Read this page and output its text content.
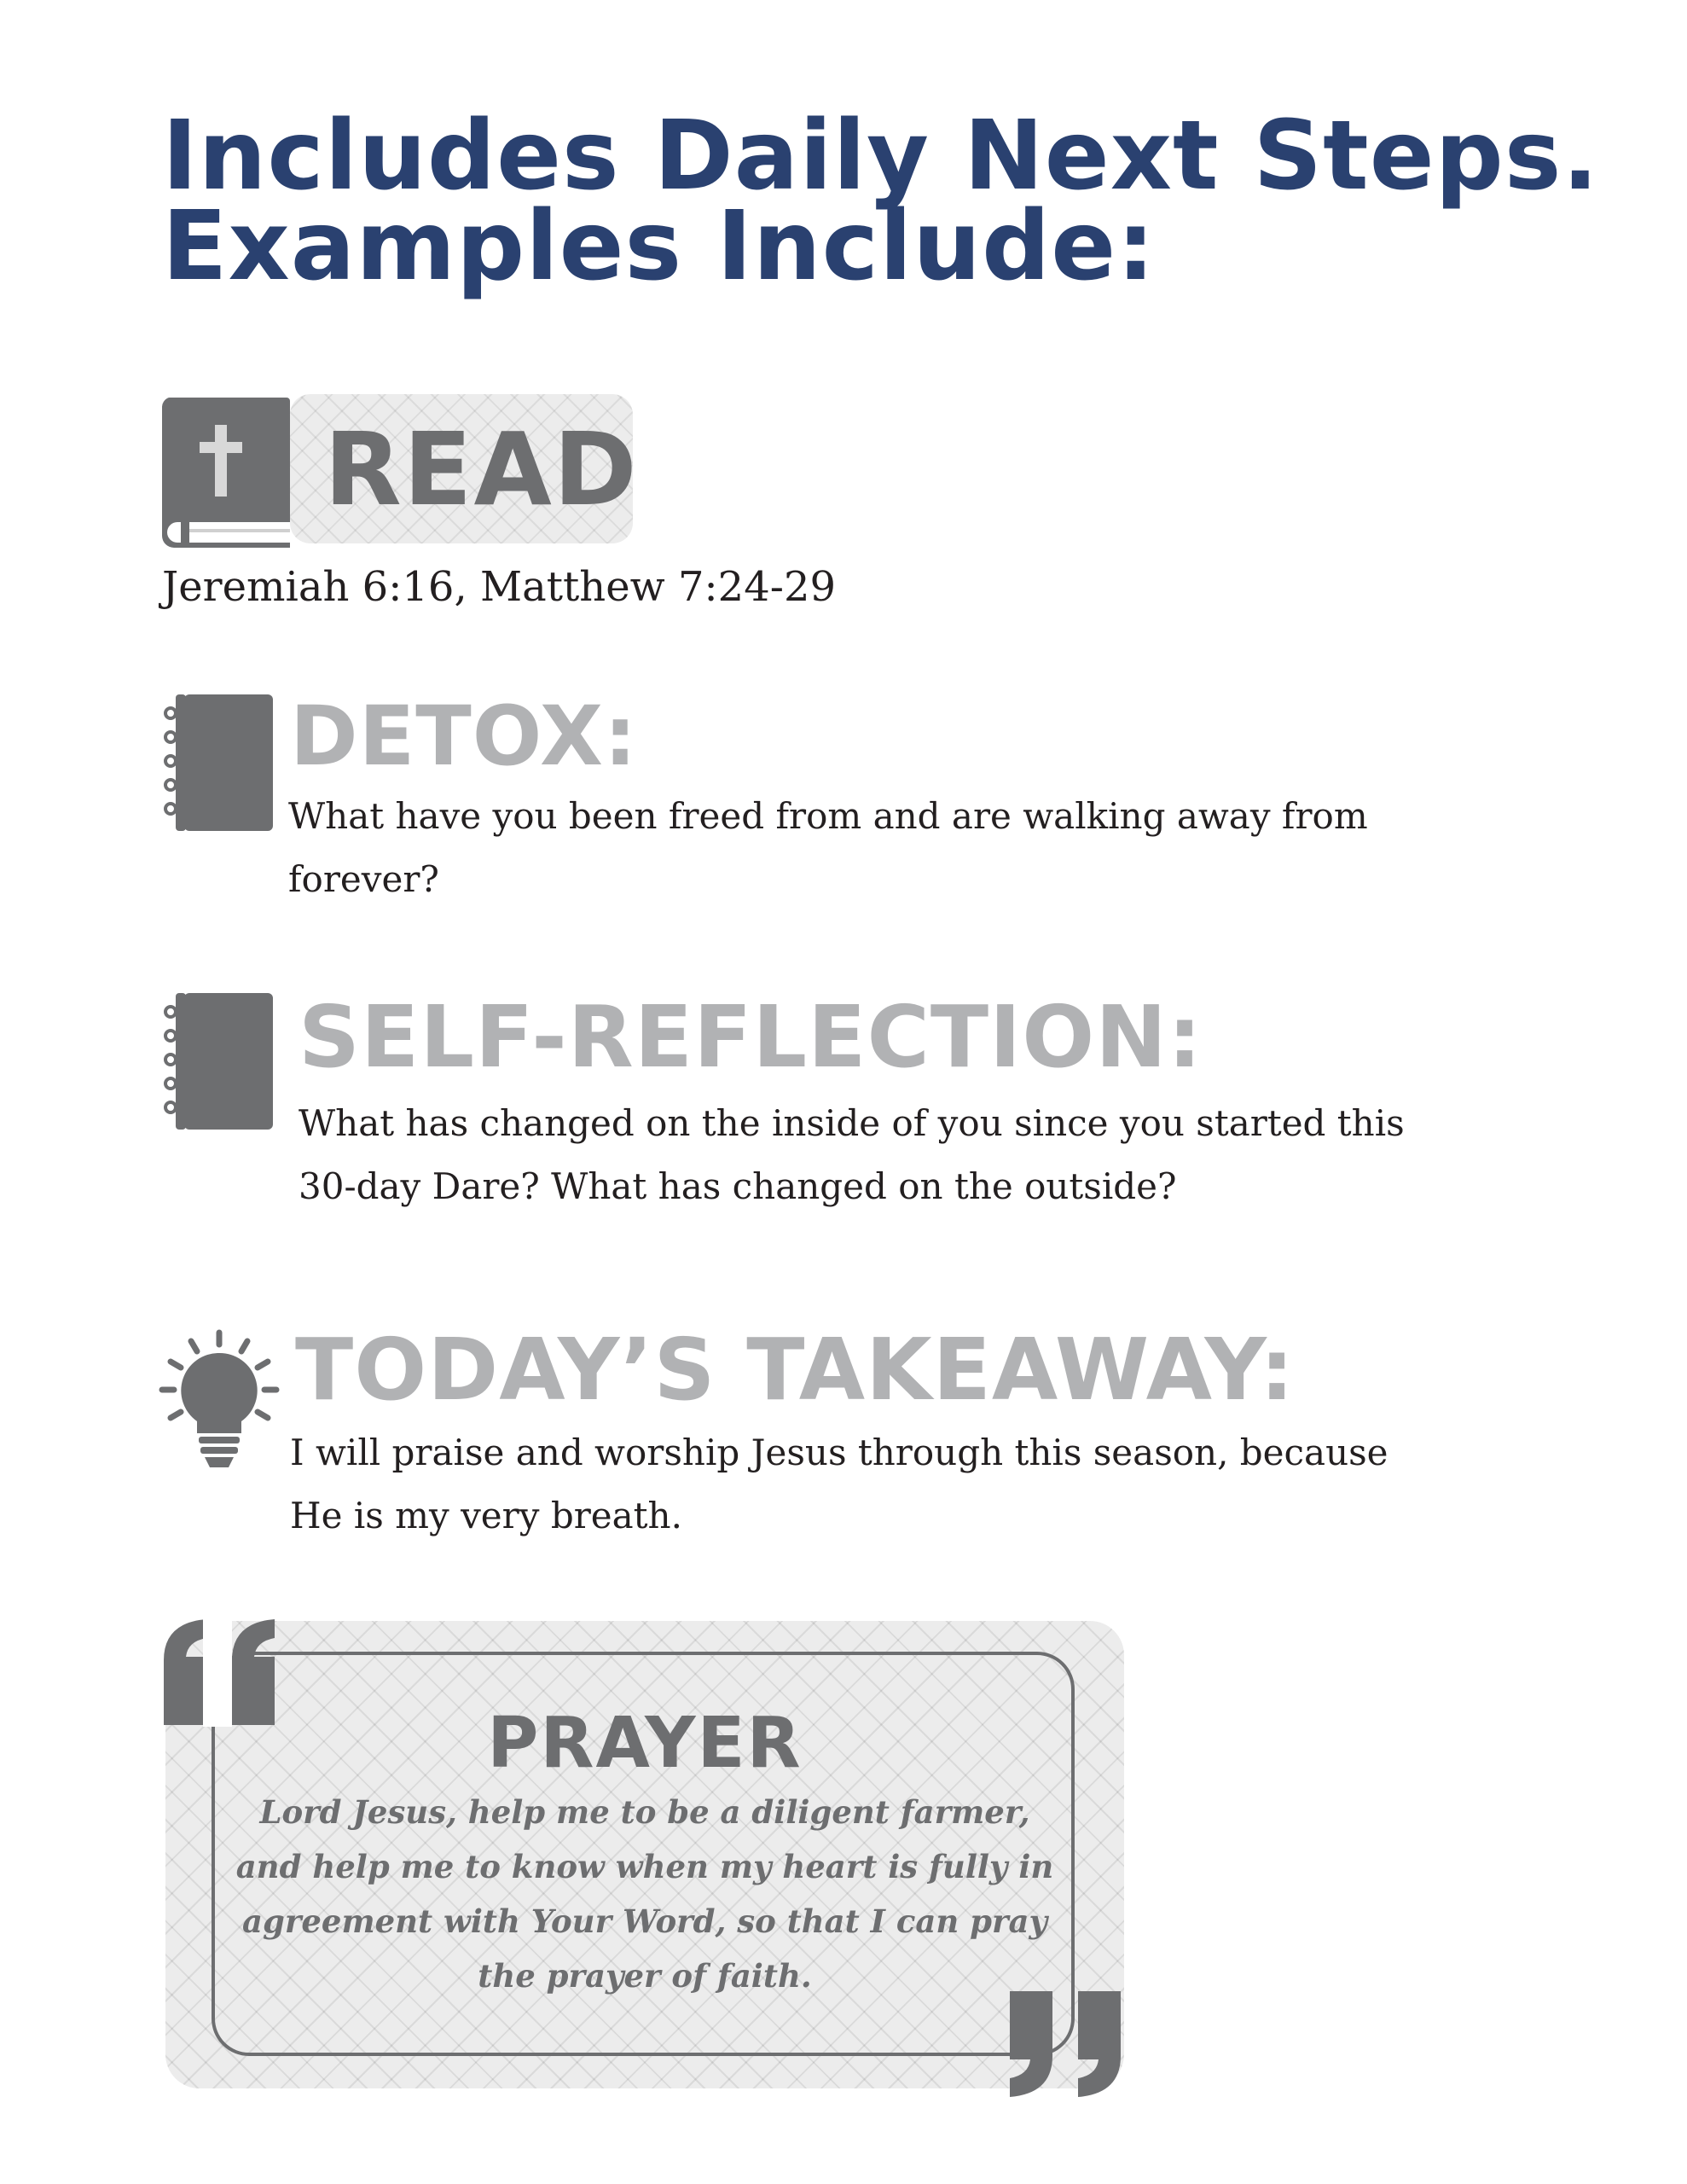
Includes Daily Next Steps.
Examples Include:
READ
Jeremiah 6:16, Matthew 7:24-29
DETOX:
What have you been freed from and are walking away from
forever?
SELF-REFLECTION:
What has changed on the inside of you since you started this
30-day Dare? What has changed on the outside?
TODAY’S TAKEAWAY:
I will praise and worship Jesus through this season, because
He is my very breath.
PRAYER
Lord Jesus, help me to be a diligent farmer,
and help me to know when my heart is fully in
agreement with Your Word, so that I can pray
the prayer of faith.
